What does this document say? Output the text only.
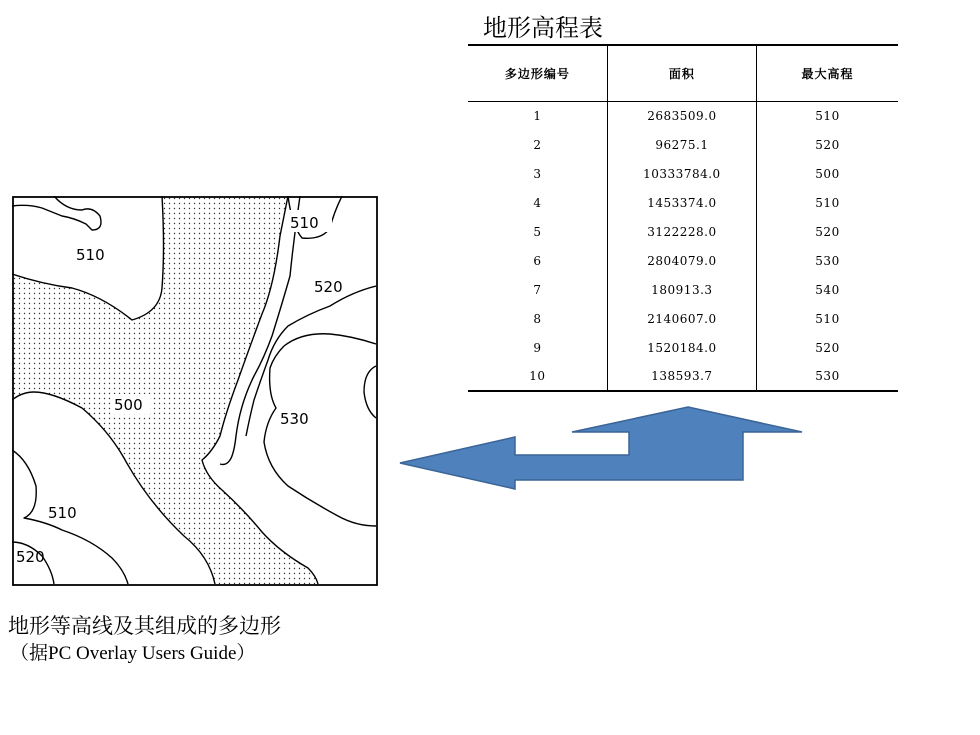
地形高程表
多边形编号	面积	最大高程
1	2683509.0	510
2	96275.1	520
3	10333784.0	500
4	1453374.0	510
5	3122228.0	520
6	2804079.0	530
7	180913.3	540
8	2140607.0	510
9	1520184.0	520
10	138593.7	530
510
510
520
500
530
510
520
地形等高线及其组成的多边形
（据PC Overlay Users Guide）
